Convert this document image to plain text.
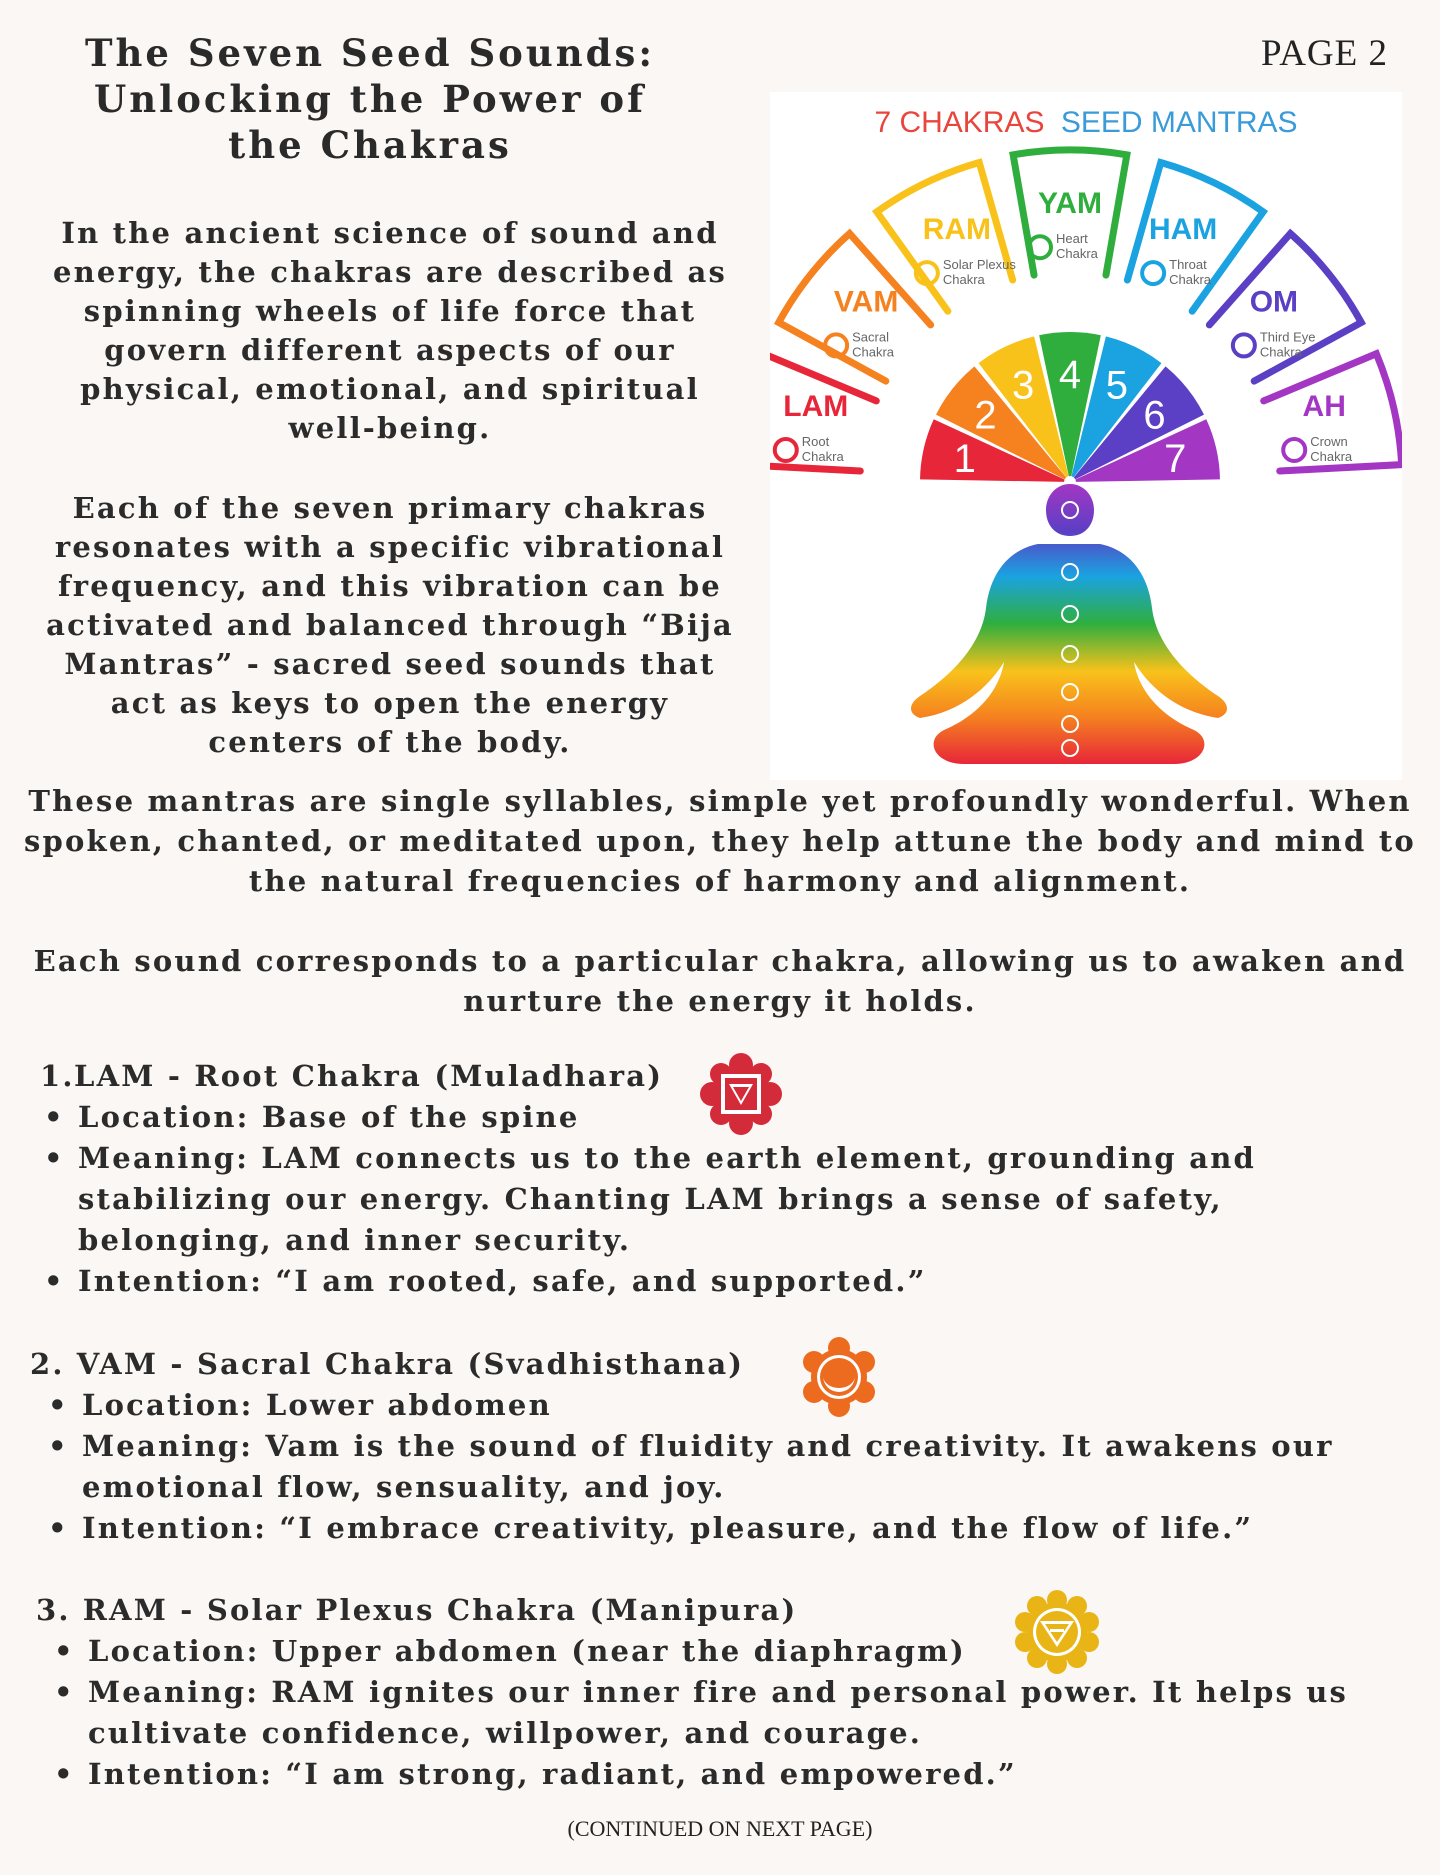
PAGE 2
The Seven Seed Sounds: Unlocking the Power of the Chakras

In the ancient science of sound and energy, the chakras are described as spinning wheels of life force that govern different aspects of our physical, emotional, and spiritual well-being.

Each of the seven primary chakras resonates with a specific vibrational frequency, and this vibration can be activated and balanced through “Bija Mantras” - sacred seed sounds that act as keys to open the energy centers of the body.

7 CHAKRAS SEED MANTRAS
1
2
3 4 5
6
7
LAM
Root
Chakra
VAM
Sacral
Chakra
RAM
Solar Plexus
Chakra
YAM
Heart
Chakra
HAM
Throat
Chakra
OM
Third Eye
Chakra
AH
Crown
Chakra

These mantras are single syllables, simple yet profoundly wonderful. When spoken, chanted, or meditated upon, they help attune the body and mind to the natural frequencies of harmony and alignment.

Each sound corresponds to a particular chakra, allowing us to awaken and nurture the energy it holds.

1. LAM - Root Chakra (Muladhara)
• Location: Base of the spine
• Meaning: LAM connects us to the earth element, grounding and stabilizing our energy. Chanting LAM brings a sense of safety, belonging, and inner security.
• Intention: “I am rooted, safe, and supported.”
2. VAM - Sacral Chakra (Svadhisthana)
• Location: Lower abdomen
• Meaning: Vam is the sound of fluidity and creativity. It awakens our emotional flow, sensuality, and joy.
• Intention: “I embrace creativity, pleasure, and the flow of life.”
3. RAM - Solar Plexus Chakra (Manipura)
• Location: Upper abdomen (near the diaphragm)
• Meaning: RAM ignites our inner fire and personal power. It helps us cultivate confidence, willpower, and courage.
• Intention: “I am strong, radiant, and empowered.”
(CONTINUED ON NEXT PAGE)
